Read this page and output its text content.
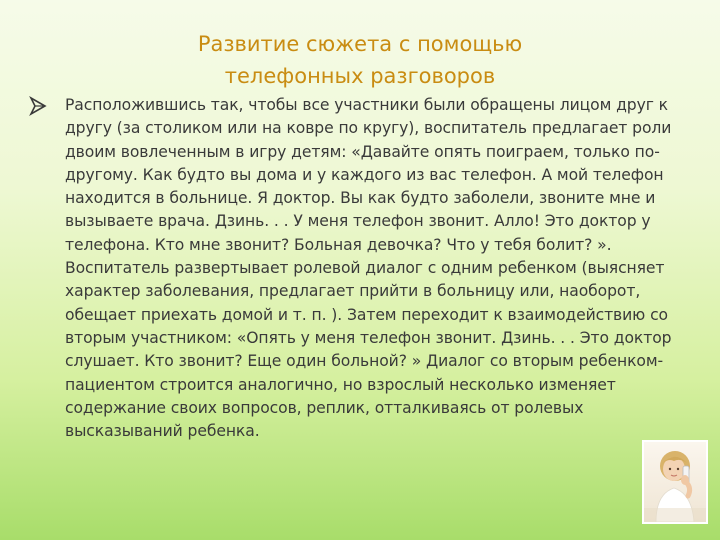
Развитие сюжета с помощью
телефонных разговоров

Расположившись так, чтобы все участники были обращены лицом друг к другу (за столиком или на ковре по кругу), воспитатель предлагает роли двоим вовлеченным в игру детям: «Давайте опять поиграем, только по-другому. Как будто вы дома и у каждого из вас телефон. А мой телефон находится в больнице. Я доктор. Вы как будто заболели, звоните мне и вызываете врача. Дзинь. . . У меня телефон звонит. Алло! Это доктор у телефона. Кто мне звонит? Больная девочка? Что у тебя болит? ». Воспитатель развертывает ролевой диалог с одним ребенком (выясняет характер заболевания, предлагает прийти в больницу или, наоборот, обещает приехать домой и т. п. ). Затем переходит к взаимодействию со вторым участником: «Опять у меня телефон звонит. Дзинь. . . Это доктор слушает. Кто звонит? Еще один больной? » Диалог со вторым ребенком-пациентом строится аналогично, но взрослый несколько изменяет содержание своих вопросов, реплик, отталкиваясь от ролевых высказываний ребенка.
